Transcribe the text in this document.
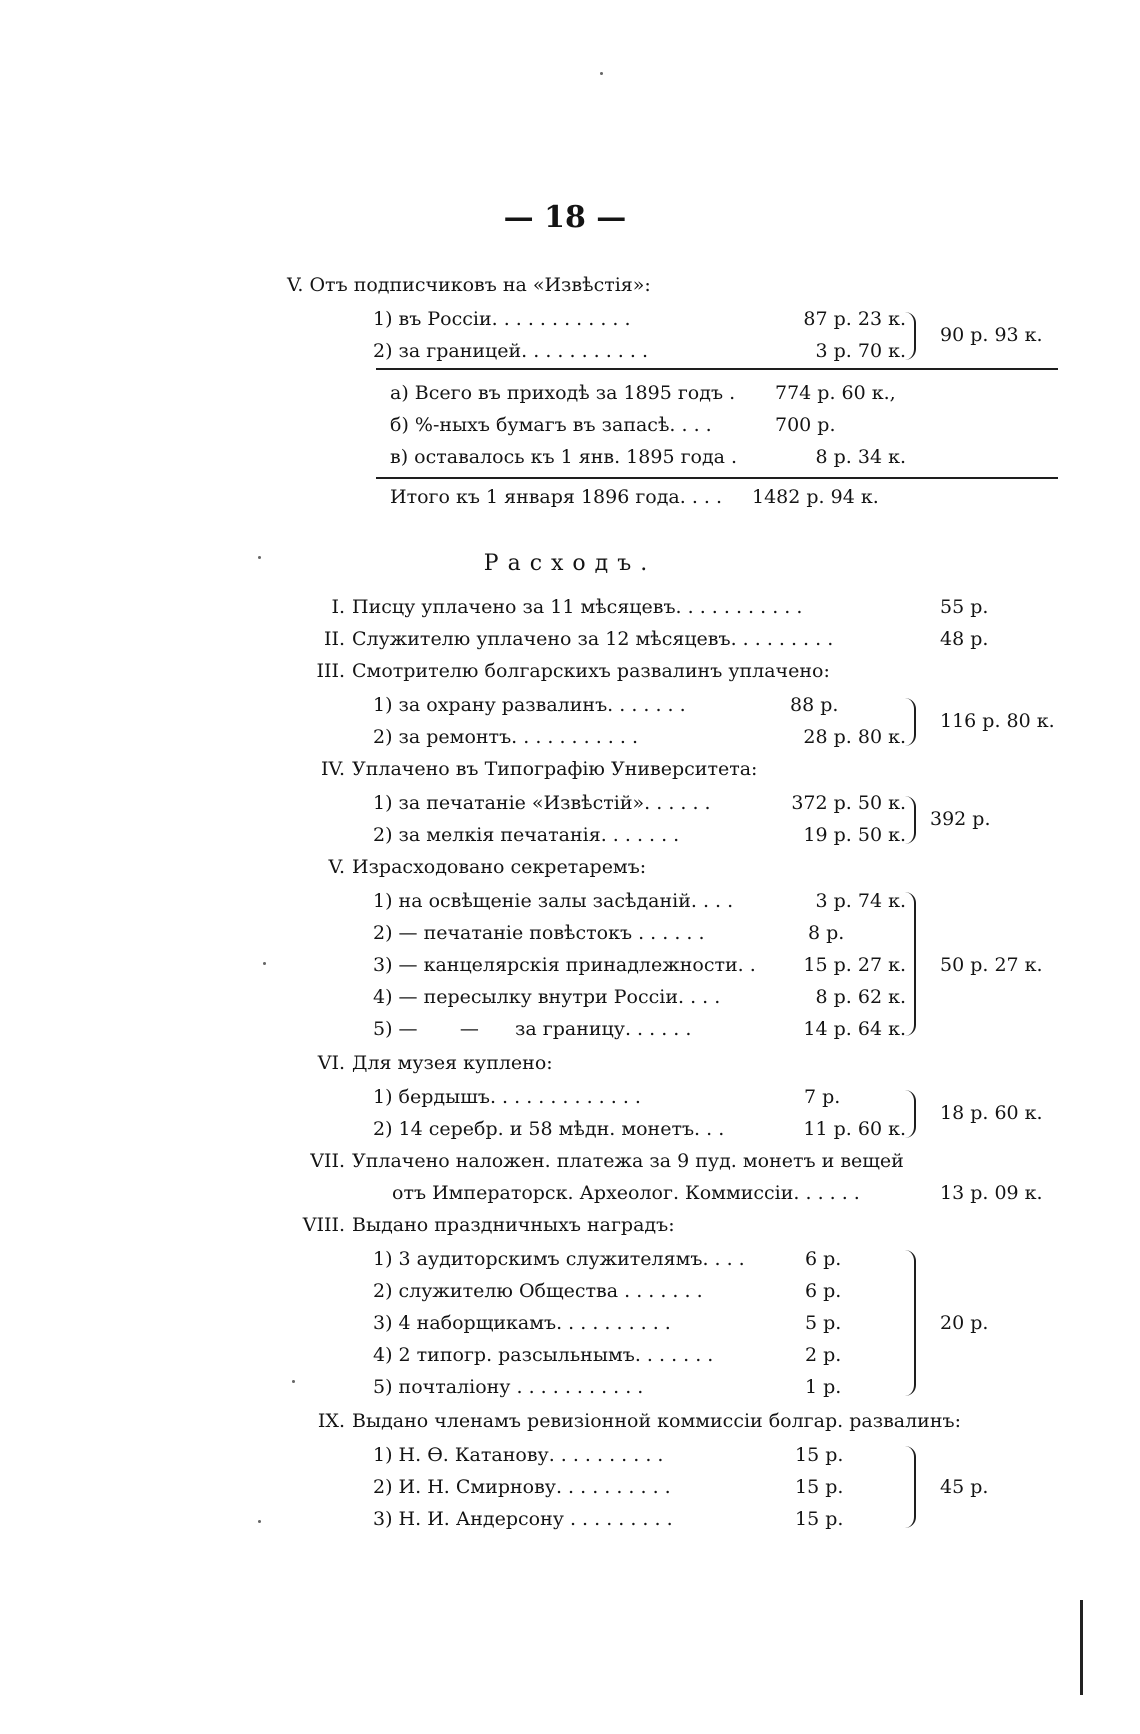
— 18 —
V. Отъ подписчиковъ на «Извѣстія»:
1) въ Россіи. . . . . . . . . . . .	87 р. 23 к.
2) за границей. . . . . . . . . . .	3 р. 70 к.
90 р. 93 к.
а) Всего въ приходѣ за 1895 годъ . 774 р. 60 к.,
б) %-ныхъ бумагъ въ запасѣ. . . .	700 р.
в) оставалось къ 1 янв. 1895 года .	8 р. 34 к.
Итого къ 1 января 1896 года. . . . 1482 р. 94 к.
Расходъ.
I. Писцу уплачено за 11 мѣсяцевъ. . . . . . . . . . .	55 р.
II. Служителю уплачено за 12 мѣсяцевъ. . . . . . . . .	48 р.
III. Смотрителю болгарскихъ развалинъ уплачено:
1) за охрану развалинъ. . . . . . .	88 р.
2) за ремонтъ. . . . . . . . . . .	28 р. 80 к.
116 р. 80 к.
IV. Уплачено въ Типографію Университета:
1) за печатаніе «Извѣстій». . . . . .	372 р. 50 к.
2) за мелкія печатанія. . . . . . .	19 р. 50 к.
392 р.
V. Израсходовано секретаремъ:
1) на освѣщеніе залы засѣданій. . . .	3 р. 74 к.
2) — печатаніе повѣстокъ . . . . . .	8 р.
3) — канцелярскія принадлежности. .	15 р. 27 к.
4) — пересылку внутри Россіи. . . .	8 р. 62 к.
5) —       —      за границу. . . . . .	14 р. 64 к.
50 р. 27 к.
VI. Для музея куплено:
1) бердышъ. . . . . . . . . . . . .	7 р.
2) 14 серебр. и 58 мѣдн. монетъ. . .	11 р. 60 к.
18 р. 60 к.
VII. Уплачено наложен. платежа за 9 пуд. монетъ и вещей
отъ Императорск. Археолог. Коммиссіи. . . . . .	13 р. 09 к.
VIII. Выдано праздничныхъ наградъ:
1) 3 аудиторскимъ служителямъ. . . .	6 р.
2) служителю Общества . . . . . . .	6 р.
3) 4 наборщикамъ. . . . . . . . . .	5 р.
4) 2 типогр. разсыльнымъ. . . . . . .	2 р.
5) почталіону . . . . . . . . . . .	1 р.
20 р.
IX. Выдано членамъ ревизіонной коммиссіи болгар. развалинъ:
1) Н. Ѳ. Катанову. . . . . . . . . .	15 р.
2) И. Н. Смирнову. . . . . . . . . .	15 р.
3) Н. И. Андерсону . . . . . . . . .	15 р.
45 р.
